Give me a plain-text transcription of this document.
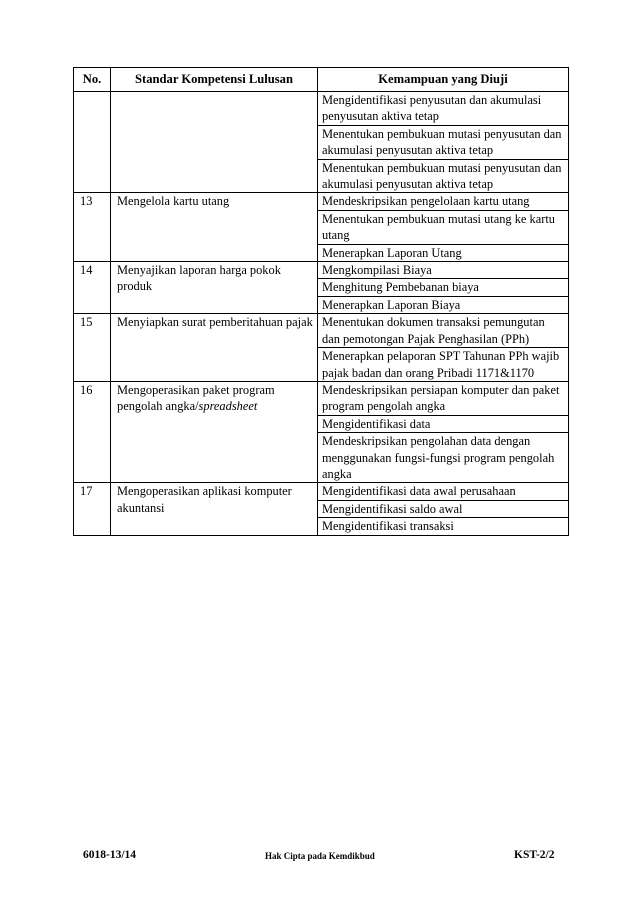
No.	Standar Kompetensi Lulusan	Kemampuan yang Diuji
		Mengidentifikasi penyusutan dan akumulasi penyusutan aktiva tetap
		Menentukan pembukuan mutasi penyusutan dan akumulasi penyusutan aktiva tetap
		Menentukan pembukuan mutasi penyusutan dan akumulasi penyusutan aktiva tetap
13	Mengelola kartu utang	Mendeskripsikan pengelolaan kartu utang
		Menentukan pembukuan mutasi utang ke kartu utang
		Menerapkan Laporan Utang
14	Menyajikan laporan harga pokok produk	Mengkompilasi Biaya
		Menghitung Pembebanan biaya
		Menerapkan Laporan Biaya
15	Menyiapkan surat pemberitahuan pajak	Menentukan dokumen transaksi pemungutan dan pemotongan Pajak Penghasilan (PPh)
		Menerapkan pelaporan SPT Tahunan PPh wajib pajak badan dan orang Pribadi 1171&1170
16	Mengoperasikan paket program pengolah angka/spreadsheet	Mendeskripsikan persiapan komputer dan paket program pengolah angka
		Mengidentifikasi data
		Mendeskripsikan pengolahan data dengan menggunakan fungsi-fungsi program pengolah angka
17	Mengoperasikan aplikasi komputer akuntansi	Mengidentifikasi data awal perusahaan
		Mengidentifikasi saldo awal
		Mengidentifikasi transaksi
6018-13/14	Hak Cipta pada Kemdikbud	KST-2/2
